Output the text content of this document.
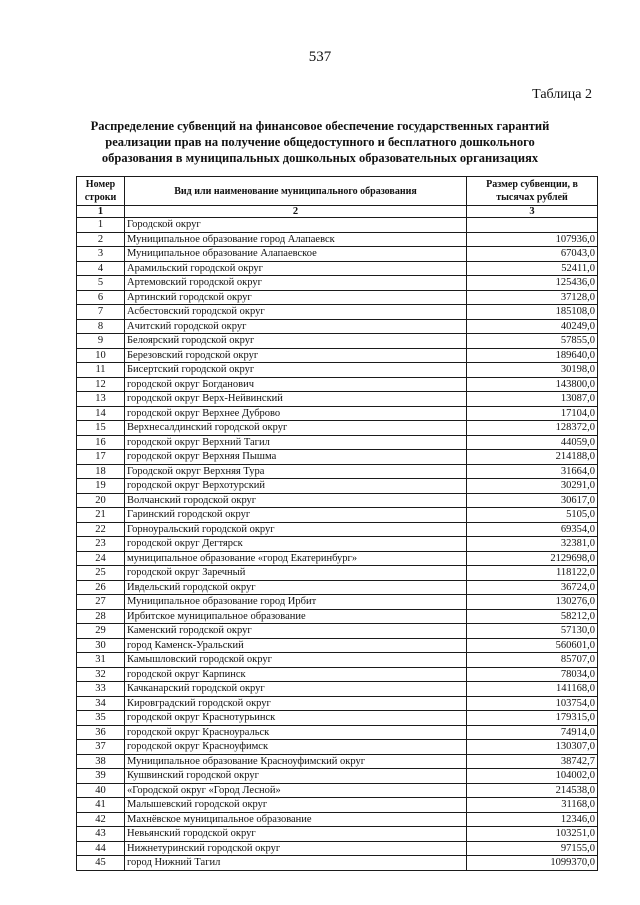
537
Таблица 2
Распределение субвенций на финансовое обеспечение государственных гарантий
реализации прав на получение общедоступного и бесплатного дошкольного
образования в муниципальных дошкольных образовательных организациях
Номер строки	Вид или наименование муниципального образования	Размер субвенции, в тысячах рублей
1	2	3
1	Городской округ	
2	Муниципальное образование город Алапаевск	107936,0
3	Муниципальное образование Алапаевское	67043,0
4	Арамильский городской округ	52411,0
5	Артемовский городской округ	125436,0
6	Артинский городской округ	37128,0
7	Асбестовский городской округ	185108,0
8	Ачитский городской округ	40249,0
9	Белоярский городской округ	57855,0
10	Березовский городской округ	189640,0
11	Бисертский городской округ	30198,0
12	городской округ Богданович	143800,0
13	городской округ Верх-Нейвинский	13087,0
14	городской округ Верхнее Дуброво	17104,0
15	Верхнесалдинский городской округ	128372,0
16	городской округ Верхний Тагил	44059,0
17	городской округ Верхняя Пышма	214188,0
18	Городской округ Верхняя Тура	31664,0
19	городской округ Верхотурский	30291,0
20	Волчанский городской округ	30617,0
21	Гаринский городской округ	5105,0
22	Горноуральский городской округ	69354,0
23	городской округ Дегтярск	32381,0
24	муниципальное образование «город Екатеринбург»	2129698,0
25	городской округ Заречный	118122,0
26	Ивдельский городской округ	36724,0
27	Муниципальное образование город Ирбит	130276,0
28	Ирбитское муниципальное образование	58212,0
29	Каменский городской округ	57130,0
30	город Каменск-Уральский	560601,0
31	Камышловский городской округ	85707,0
32	городской округ Карпинск	78034,0
33	Качканарский городской округ	141168,0
34	Кировградский городской округ	103754,0
35	городской округ Краснотурьинск	179315,0
36	городской округ Красноуральск	74914,0
37	городской округ Красноуфимск	130307,0
38	Муниципальное образование Красноуфимский округ	38742,7
39	Кушвинский городской округ	104002,0
40	«Городской округ «Город Лесной»	214538,0
41	Малышевский городской округ	31168,0
42	Махнёвское муниципальное образование	12346,0
43	Невьянский городской округ	103251,0
44	Нижнетуринский городской округ	97155,0
45	город Нижний Тагил	1099370,0
